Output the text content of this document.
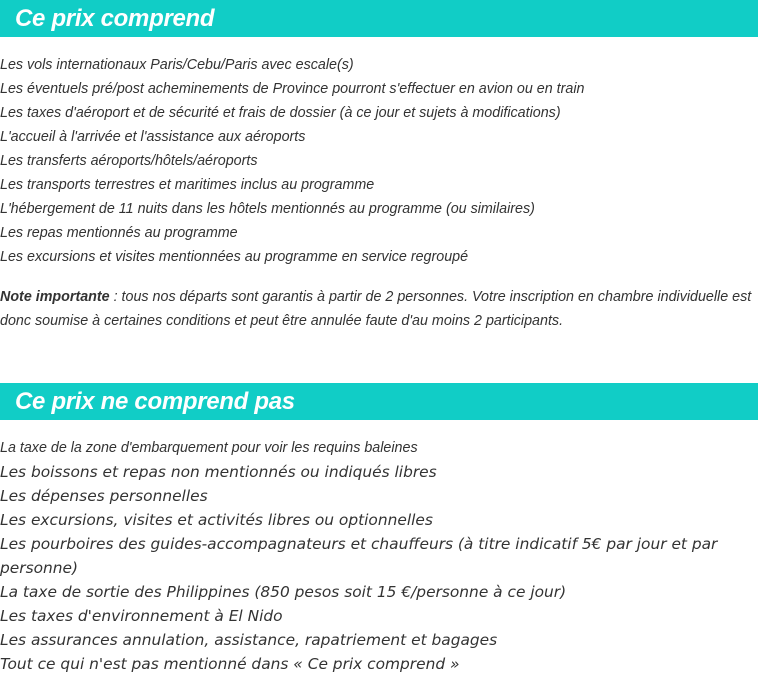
Ce prix comprend
Les vols internationaux Paris/Cebu/Paris avec escale(s)
Les éventuels pré/post acheminements de Province pourront s'effectuer en avion ou en train
Les taxes d'aéroport et de sécurité et frais de dossier (à ce jour et sujets à modifications)
L'accueil à l'arrivée et l'assistance aux aéroports
Les transferts aéroports/hôtels/aéroports
Les transports terrestres et maritimes inclus au programme
L'hébergement de 11 nuits dans les hôtels mentionnés au programme (ou similaires)
Les repas mentionnés au programme
Les excursions et visites mentionnées au programme en service regroupé

Note importante : tous nos départs sont garantis à partir de 2 personnes. Votre inscription en chambre individuelle est donc soumise à certaines conditions et peut être annulée faute d'au moins 2 participants.

Ce prix ne comprend pas
La taxe de la zone d'embarquement pour voir les requins baleines
Les boissons et repas non mentionnés ou indiqués libres
Les dépenses personnelles
Les excursions, visites et activités libres ou optionnelles
Les pourboires des guides-accompagnateurs et chauffeurs (à titre indicatif 5€ par jour et par personne)
La taxe de sortie des Philippines (850 pesos soit 15 €/personne à ce jour)
Les taxes d'environnement à El Nido
Les assurances annulation, assistance, rapatriement et bagages
Tout ce qui n'est pas mentionné dans « Ce prix comprend »
